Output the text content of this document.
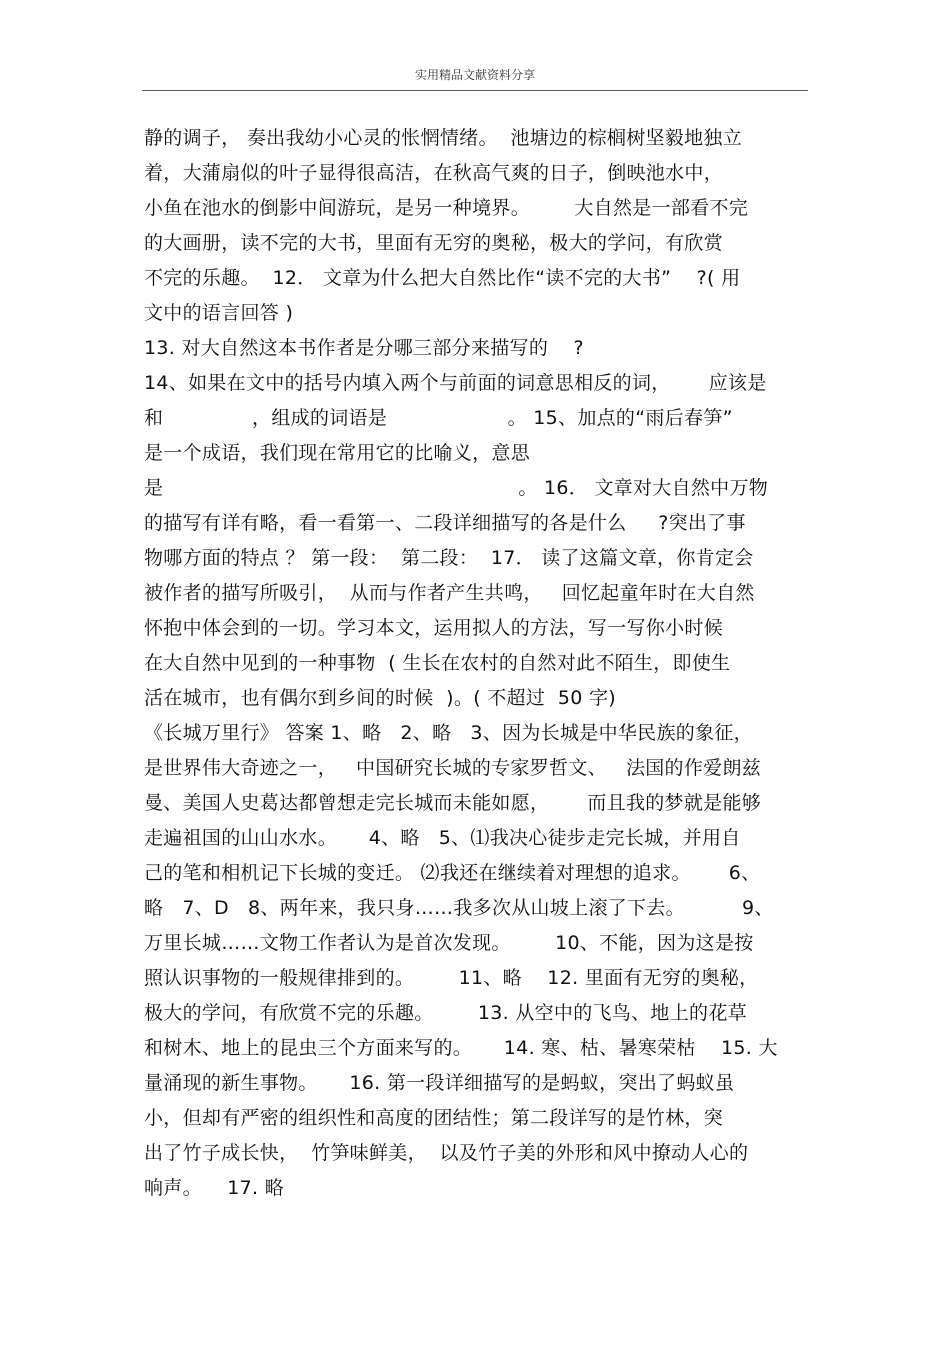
实用精品文献资料分享
静的调子， 奏出我幼小心灵的怅惘情绪。  池塘边的棕榈树坚毅地独立
着，大蒲扇似的叶子显得很高洁，在秋高气爽的日子，倒映池水中，
小鱼在池水的倒影中间游玩，是另一种境界。       大自然是一部看不完
的大画册，读不完的大书，里面有无穷的奥秘，极大的学问，有欣赏
不完的乐趣。  12． 文章为什么把大自然比作“读不完的大书”    ?( 用
文中的语言回答 )
13. 对大自然这本书作者是分哪三部分来描写的    ?
14、如果在文中的括号内填入两个与前面的词意思相反的词，      应该是
和              ，组成的词语是                   。 15、加点的“雨后春笋”
是一个成语，我们现在常用它的比喻义，意思
是                                                        。 16． 文章对大自然中万物
的描写有详有略，看一看第一、二段详细描写的各是什么     ?突出了事
物哪方面的特点 ？ 第一段：  第二段：  17． 读了这篇文章，你肯定会
被作者的描写所吸引，  从而与作者产生共鸣，   回忆起童年时在大自然
怀抱中体会到的一切。学习本文，运用拟人的方法，写一写你小时候
在大自然中见到的一种事物  ( 生长在农村的自然对此不陌生，即使生
活在城市，也有偶尔到乡间的时候  )。( 不超过  50 字)
《长城万里行》 答案 1、略   2、略   3、因为长城是中华民族的象征，
是世界伟大奇迹之一，   中国研究长城的专家罗哲文、   法国的作爱朗兹
曼、美国人史葛达都曾想走完长城而未能如愿，      而且我的梦就是能够
走遍祖国的山山水水。     4、略   5、⑴我决心徒步走完长城，并用自
己的笔和相机记下长城的变迁。 ⑵我还在继续着对理想的追求。      6、
略   7、D   8、两年来，我只身……我多次从山坡上滚了下去。         9、
万里长城……文物工作者认为是首次发现。       10、不能，因为这是按
照认识事物的一般规律排到的。       11、略    12. 里面有无穷的奥秘，
极大的学问，有欣赏不完的乐趣。       13. 从空中的飞鸟、地上的花草
和树木、地上的昆虫三个方面来写的。     14. 寒、枯、暑寒荣枯    15. 大
量涌现的新生事物。     16. 第一段详细描写的是蚂蚁，突出了蚂蚁虽
小，但却有严密的组织性和高度的团结性；第二段详写的是竹林，突
出了竹子成长快，  竹笋味鲜美，  以及竹子美的外形和风中撩动人心的
响声。    17. 略
